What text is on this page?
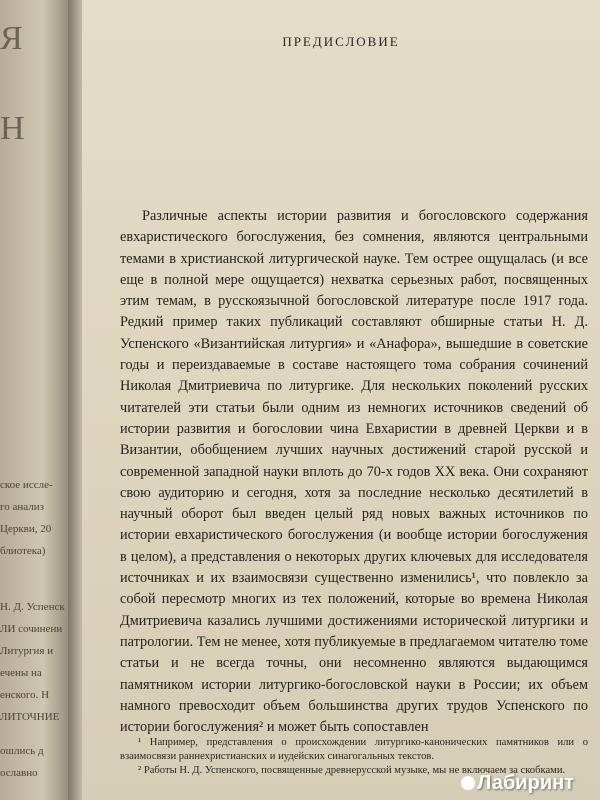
Я
Н
ское иссле-
го анализ
Церкви, 20
блиотека)
Н. Д. Успенск
ЛИ сочинени
Литургия и
ечены на
енского. Н
ЛИТОЧНИЕ
ошлись д
ославно
ПРЕДИСЛОВИЕ

Различные аспекты истории развития и богословского содержания евхаристического богослужения, без сомнения, являются центральными темами в христианской литургической науке. Тем острее ощущалась (и все еще в полной мере ощущается) нехватка серьезных работ, посвященных этим темам, в русскоязычной богословской литературе после 1917 года. Редкий пример таких публикаций составляют обширные статьи Н. Д. Успенского «Византийская литургия» и «Анафора», вышедшие в советские годы и переиздаваемые в составе настоящего тома собрания сочинений Николая Дмитриевича по литургике. Для нескольких поколений русских читателей эти статьи были одним из немногих источников сведений об истории развития и богословии чина Евхаристии в древней Церкви и в Византии, обобщением лучших научных достижений старой русской и современной западной науки вплоть до 70-х годов XX века. Они сохраняют свою аудиторию и сегодня, хотя за последние несколько десятилетий в научный оборот был введен целый ряд новых важных источников по истории евхаристического богослужения (и вообще истории богослужения в целом), а представления о некоторых других ключевых для исследователя источниках и их взаимосвязи существенно изменились¹, что повлекло за собой пересмотр многих из тех положений, которые во времена Николая Дмитриевича казались лучшими достижениями исторической литургики и патрологии. Тем не менее, хотя публикуемые в предлагаемом читателю томе статьи и не всегда точны, они несомненно являются выдающимся памятником истории литургико-богословской науки в России; их объем намного превосходит объем большинства других трудов Успенского по истории богослужения² и может быть сопоставлен

¹ Например, представления о происхождении литургико-канонических памятников или о взаимосвязи раннехристианских и иудейских синагогальных текстов.

² Работы Н. Д. Успенского, посвященные древнерусской музыке, мы не включаем за скобками.

Лабиринт
